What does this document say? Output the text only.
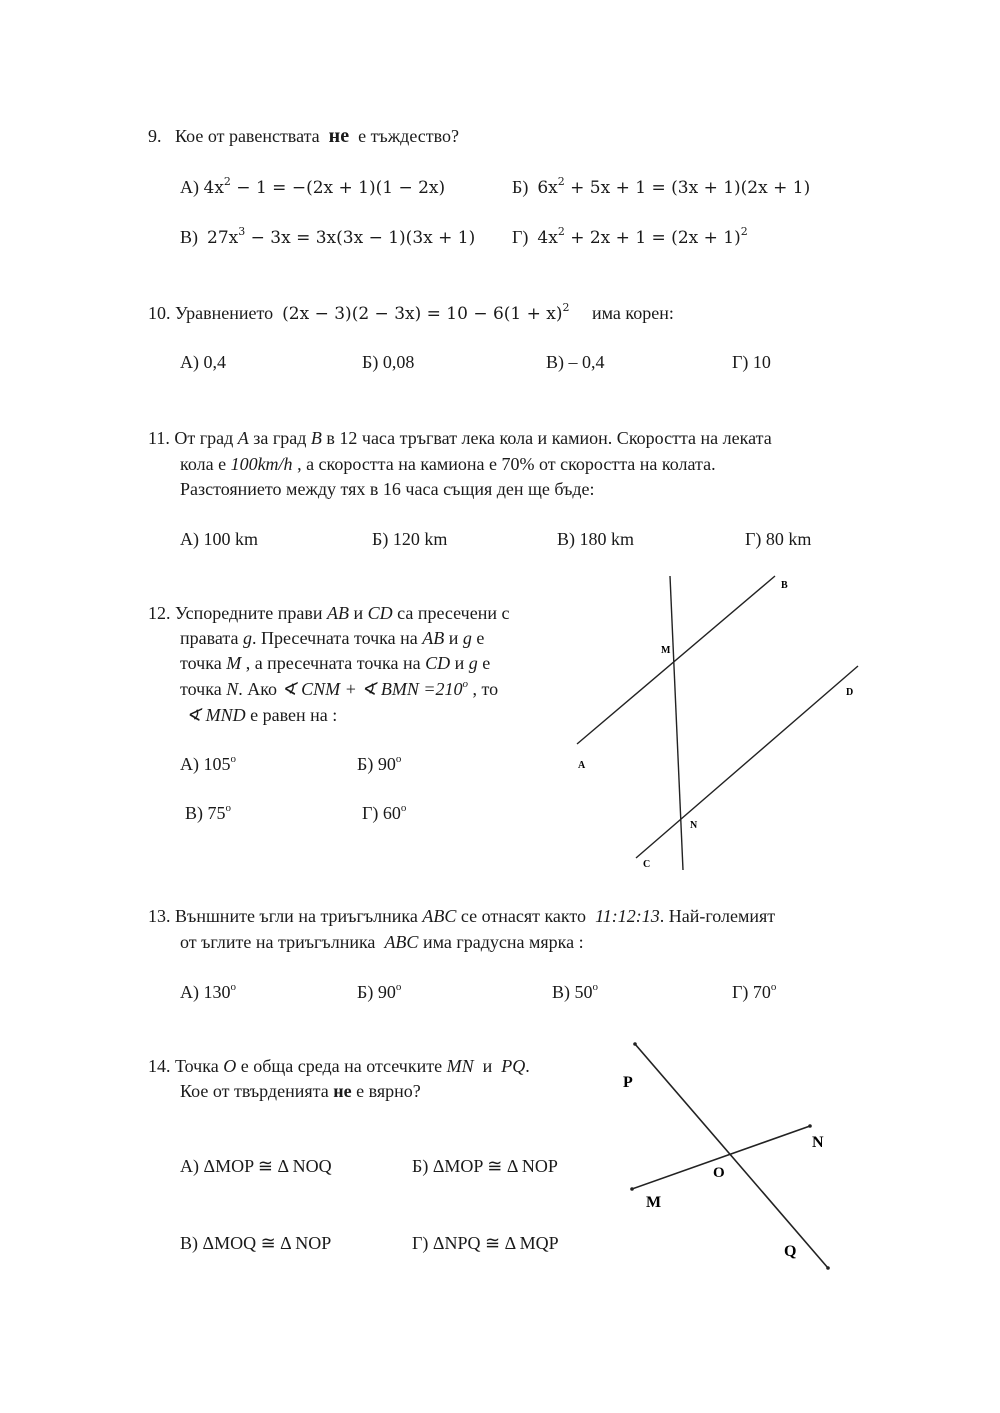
9. Кое от равенствата не е тъждество?
А) $4x^2 - 1 = -(2x + 1)(1 - 2x)$	Б) $6x^2 + 5x + 1 = (3x + 1)(2x + 1)$
В) $27x^3 - 3x = 3x(3x - 1)(3x + 1)$ Г) $4x^2 + 2x + 1 = (2x + 1)^2$
10. Уравнението $(2x - 3)(2 - 3x) = 10 - 6(1 + x)^2$ има корен:
А) 0,4	Б) 0,08	В) – 0,4	Г) 10
11. От град A за град B в 12 часа тръгват лека кола и камион. Скоростта на леката
кола е 100km/h , а скоростта на камиона е 70% от скоростта на колата.
Разстоянието между тях в 16 часа същия ден ще бъде:
А) 100 km	Б) 120 km	В) 180 km	Г) 80 km
12. Успоредните прави AB и CD са пресечени с
правата g. Пресечната точка на AB и g е
точка M , а пресечната точка на CD и g е
точка N. Ако ∢ CNM + ∢ BMN $=210^o$ , то
∢ MND е равен на :
А) 105$^o$	Б) 90$^o$
В) 75$^o$	Г) 60$^o$
B
M
D
A
N
C
13. Външните ъгли на триъгълника ABC се отнасят както 11:12:13. Най-големият
от ъглите на триъгълника ABC има градусна мярка :
А) 130$^o$	Б) 90$^o$	В) 50$^o$	Г) 70$^o$
14. Точка O е обща среда на отсечките MN и PQ.
Кое от твърденията не е вярно?
А) ΔMOP ≅ Δ NOQ	Б) ΔMOP ≅ Δ NOP
В) ΔMOQ ≅ Δ NOP	Г) ΔNPQ ≅ Δ MQP
P
N
O
M
Q
